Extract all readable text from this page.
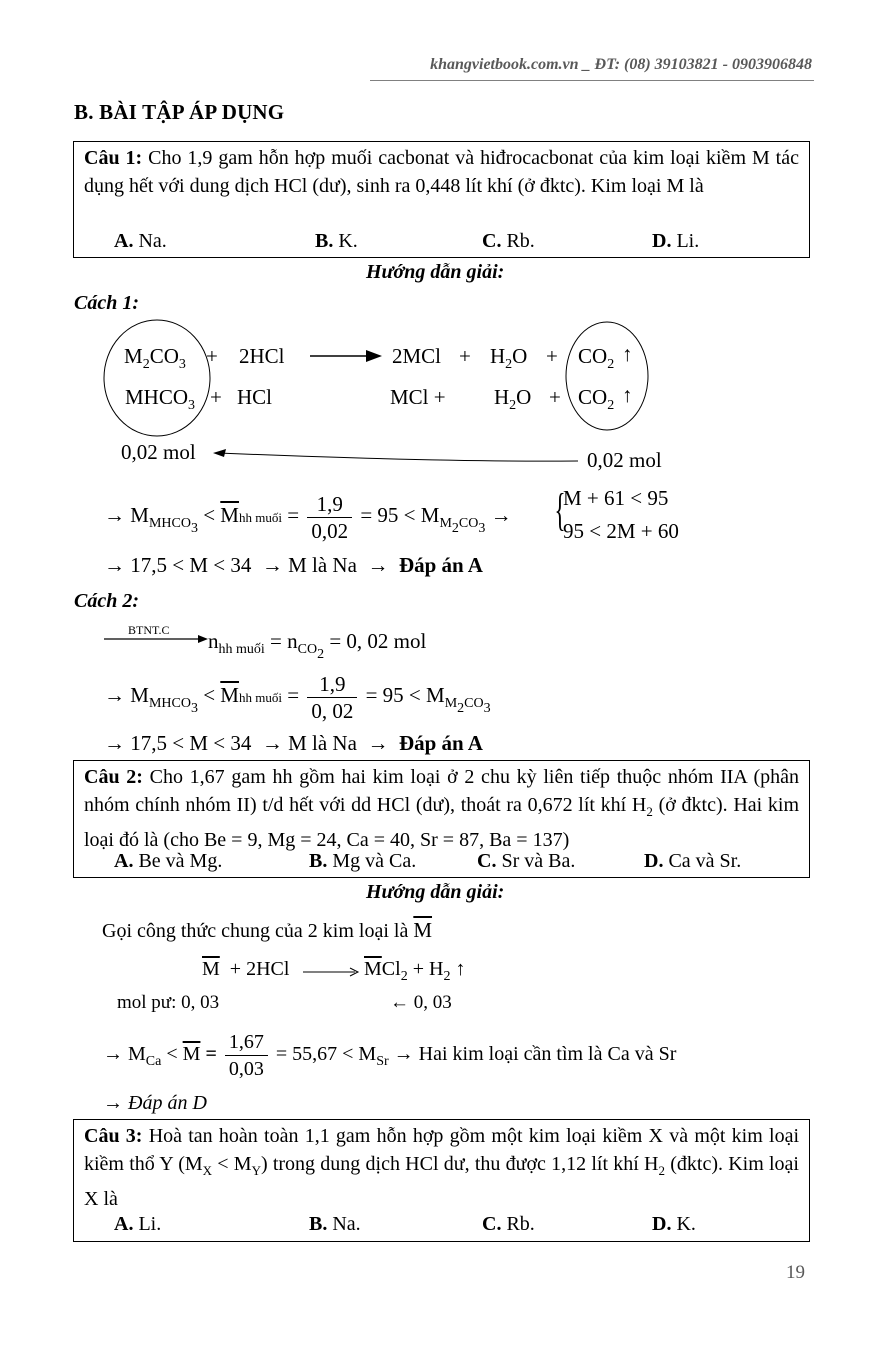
khangvietbook.com.vn _ ĐT: (08) 39103821 - 0903906848
B. BÀI TẬP ÁP DỤNG
Câu 1: Cho 1,9 gam hỗn hợp muối cacbonat và hiđrocacbonat của kim loại kiềm M tác dụng hết với dung dịch HCl (dư), sinh ra 0,448 lít khí (ở đktc). Kim loại M là
A. Na.	B. K.	C. Rb.	D. Li.
Hướng dẫn giải:
Cách 1:
$M_2CO_3 + 2HCl$	$2MCl + H_2O + CO_2$ ↑
$MHCO_3$ + HCl	MCl + $H_2O + CO_2$ ↑
0,02 mol	0,02 mol
→ $M_{MHCO_3} < \overline{M}hh$ muối = $\frac{1,9}{0,02} = 95 < M_{M_2CO_3}$ → {
M + 61 < 95
95 < 2M + 60
→ 17,5 < M < 34 → M là Na → Đáp án A
Cách 2:
BTNT.C $n_{hh muối} = n_{CO_2} = 0$, 02 mol
→ $M_{MHCO_3} < \overline{M}hh$ muối = $\frac{1,9}{0, 02} = 95 < M_{M_2CO_3}$
→ 17,5 < M < 34 → M là Na → Đáp án A
Câu 2: Cho 1,67 gam hh gồm hai kim loại ở 2 chu kỳ liên tiếp thuộc nhóm IIA (phân nhóm chính nhóm II) t/d hết với dd HCl (dư), thoát ra 0,672 lít khí $H_2$ (ở đktc). Hai kim loại đó là (cho Be = 9, Mg = 24, Ca = 40, Sr = 87, Ba = 137)
A. Be và Mg.	B. Mg và Ca.	C. Sr và Ba.	D. Ca và Sr.
Hướng dẫn giải:
Gọi công thức chung của 2 kim loại là $\overline{M}$
$\overline{M} + 2HCl$	$\overline{M}Cl_2 + H_2$ ↑
mol pư: 0, 03	← 0, 03
→ $M_{Ca} < \overline{M} = \frac{1,67}{0,03} = 55,67 < M_{Sr}$ → Hai kim loại cần tìm là Ca và Sr
→ Đáp án D
Câu 3: Hoà tan hoàn toàn 1,1 gam hỗn hợp gồm một kim loại kiềm X và một kim loại kiềm thổ Y $(M_X < M_Y)$ trong dung dịch HCl dư, thu được 1,12 lít khí $H_2$ (đktc). Kim loại X là
A. Li.	B. Na.	C. Rb.	D. K.
19
